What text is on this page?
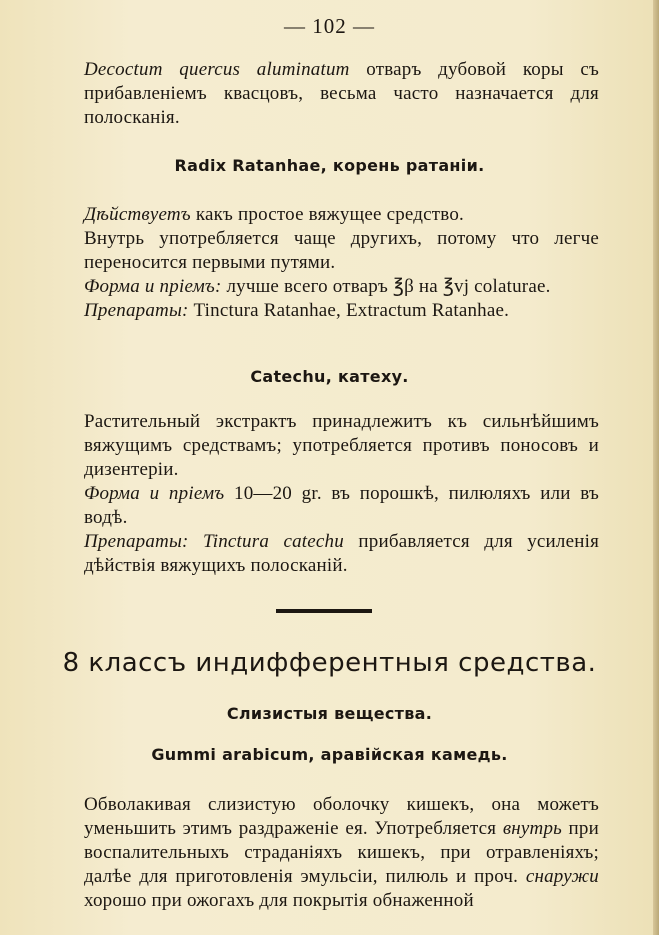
— 102 —

Decoctum quercus aluminatum отваръ дубовой коры съ прибавленіемъ квасцовъ, весьма часто назначается для полосканія.

Radix Ratanhae, корень ратаніи.

Дѣйствуетъ какъ простое вяжущее средство.

Внутрь употребляется чаще другихъ, потому что легче переносится первыми путями.

Форма и пріемъ: лучше всего отваръ ℥β на ℥vj colaturae.

Препараты: Tinctura Ratanhae, Extractum Ratanhae.

Catechu, катеху.

Растительный экстрактъ принадлежитъ къ сильнѣйшимъ вяжущимъ средствамъ; употребляется противъ поносовъ и дизентеріи.

Форма и пріемъ 10—20 gr. въ порошкѣ, пилюляхъ или въ водѣ.

Препараты: Tinctura catechu прибавляется для усиленія дѣйствія вяжущихъ полосканій.

8 классъ индифферентныя средства.
Слизистыя вещества.
Gummi arabicum, аравійская камедь.

Обволакивая слизистую оболочку кишекъ, она можетъ уменьшить этимъ раздраженіе ея. Употребляется внутрь при воспалительныхъ страданіяхъ кишекъ, при отравленіяхъ; далѣе для приготовленія эмульсіи, пилюль и проч. снаружи хорошо при ожогахъ для покрытія обнаженной
